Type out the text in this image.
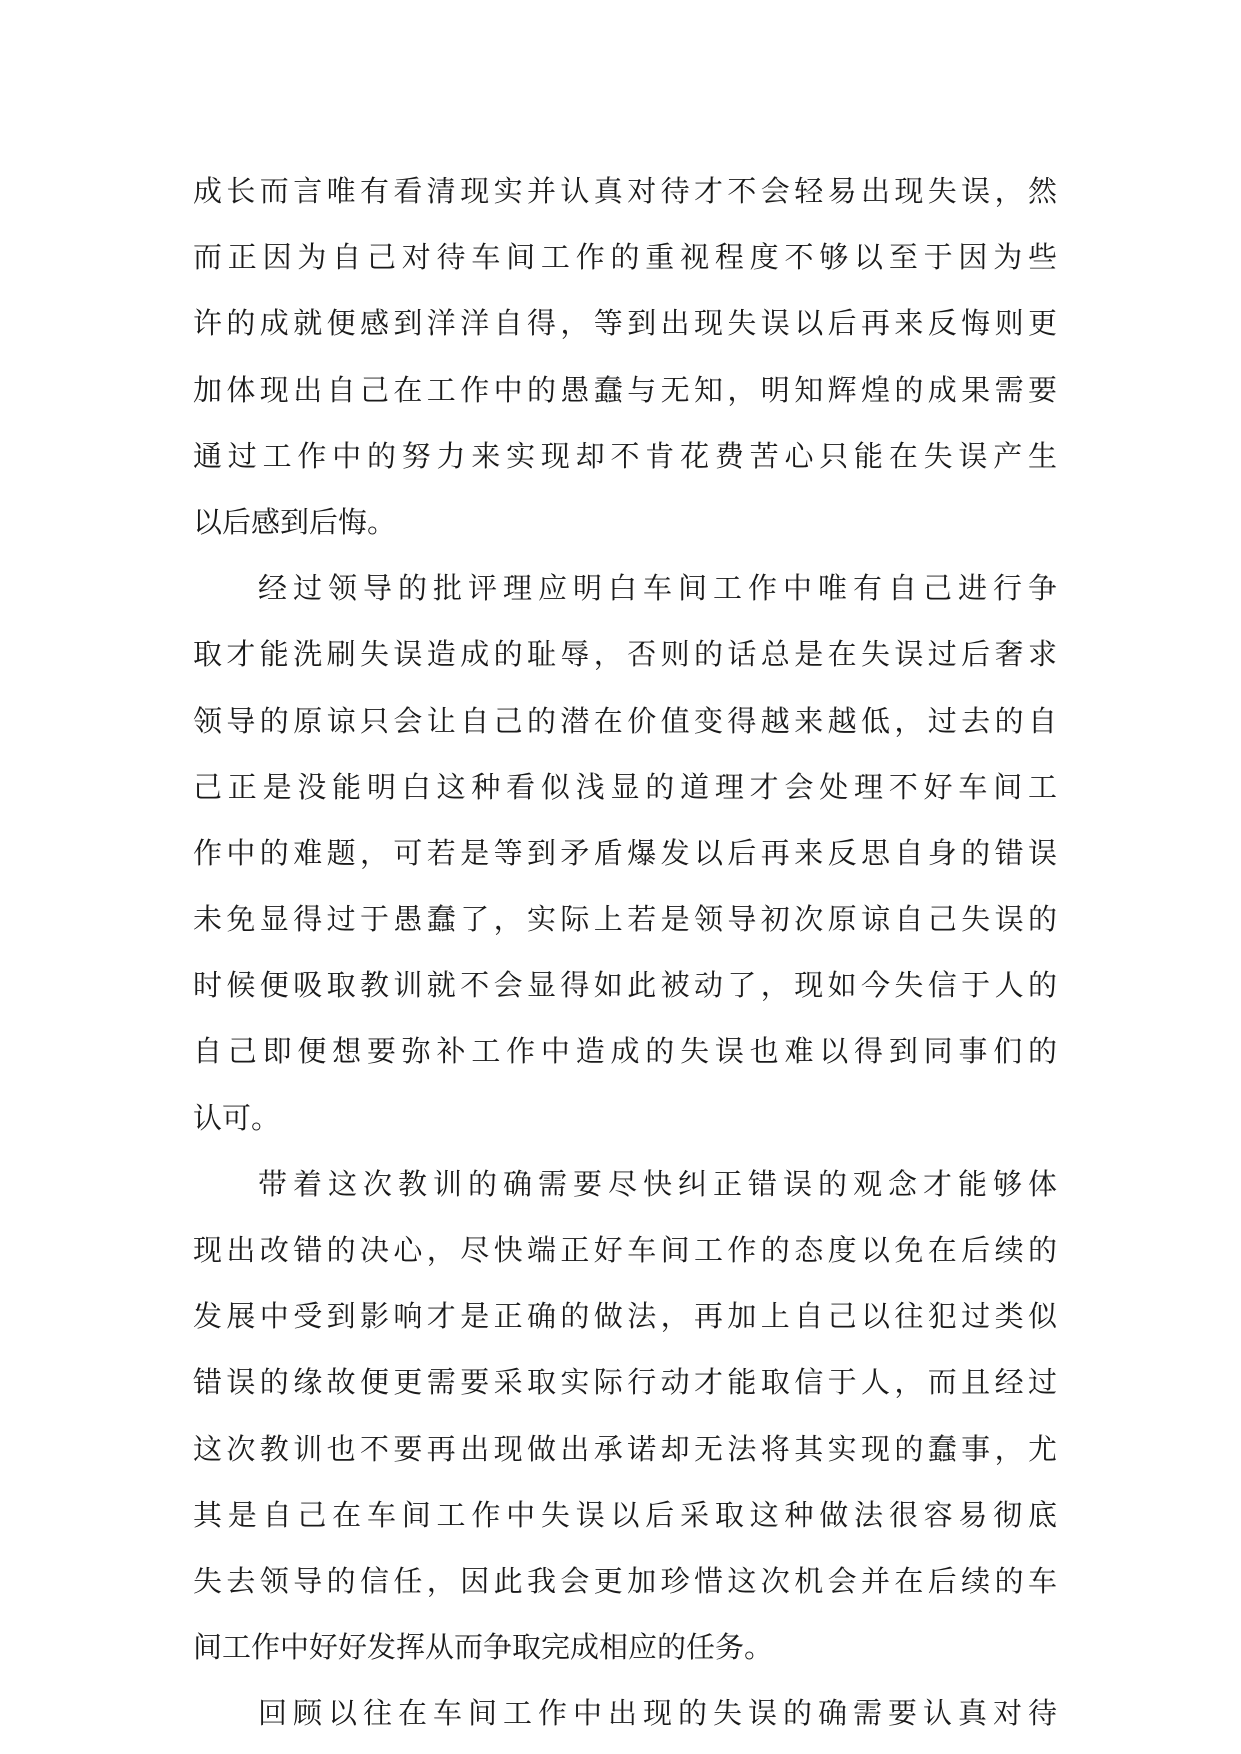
成长而言唯有看清现实并认真对待才不会轻易出现失误，然
而正因为自己对待车间工作的重视程度不够以至于因为些
许的成就便感到洋洋自得，等到出现失误以后再来反悔则更
加体现出自己在工作中的愚蠢与无知，明知辉煌的成果需要
通过工作中的努力来实现却不肯花费苦心只能在失误产生
以后感到后悔。
经过领导的批评理应明白车间工作中唯有自己进行争
取才能洗刷失误造成的耻辱，否则的话总是在失误过后奢求
领导的原谅只会让自己的潜在价值变得越来越低，过去的自
己正是没能明白这种看似浅显的道理才会处理不好车间工
作中的难题，可若是等到矛盾爆发以后再来反思自身的错误
未免显得过于愚蠢了，实际上若是领导初次原谅自己失误的
时候便吸取教训就不会显得如此被动了，现如今失信于人的
自己即便想要弥补工作中造成的失误也难以得到同事们的
认可。
带着这次教训的确需要尽快纠正错误的观念才能够体
现出改错的决心，尽快端正好车间工作的态度以免在后续的
发展中受到影响才是正确的做法，再加上自己以往犯过类似
错误的缘故便更需要采取实际行动才能取信于人，而且经过
这次教训也不要再出现做出承诺却无法将其实现的蠢事，尤
其是自己在车间工作中失误以后采取这种做法很容易彻底
失去领导的信任，因此我会更加珍惜这次机会并在后续的车
间工作中好好发挥从而争取完成相应的任务。
回顾以往在车间工作中出现的失误的确需要认真对待
